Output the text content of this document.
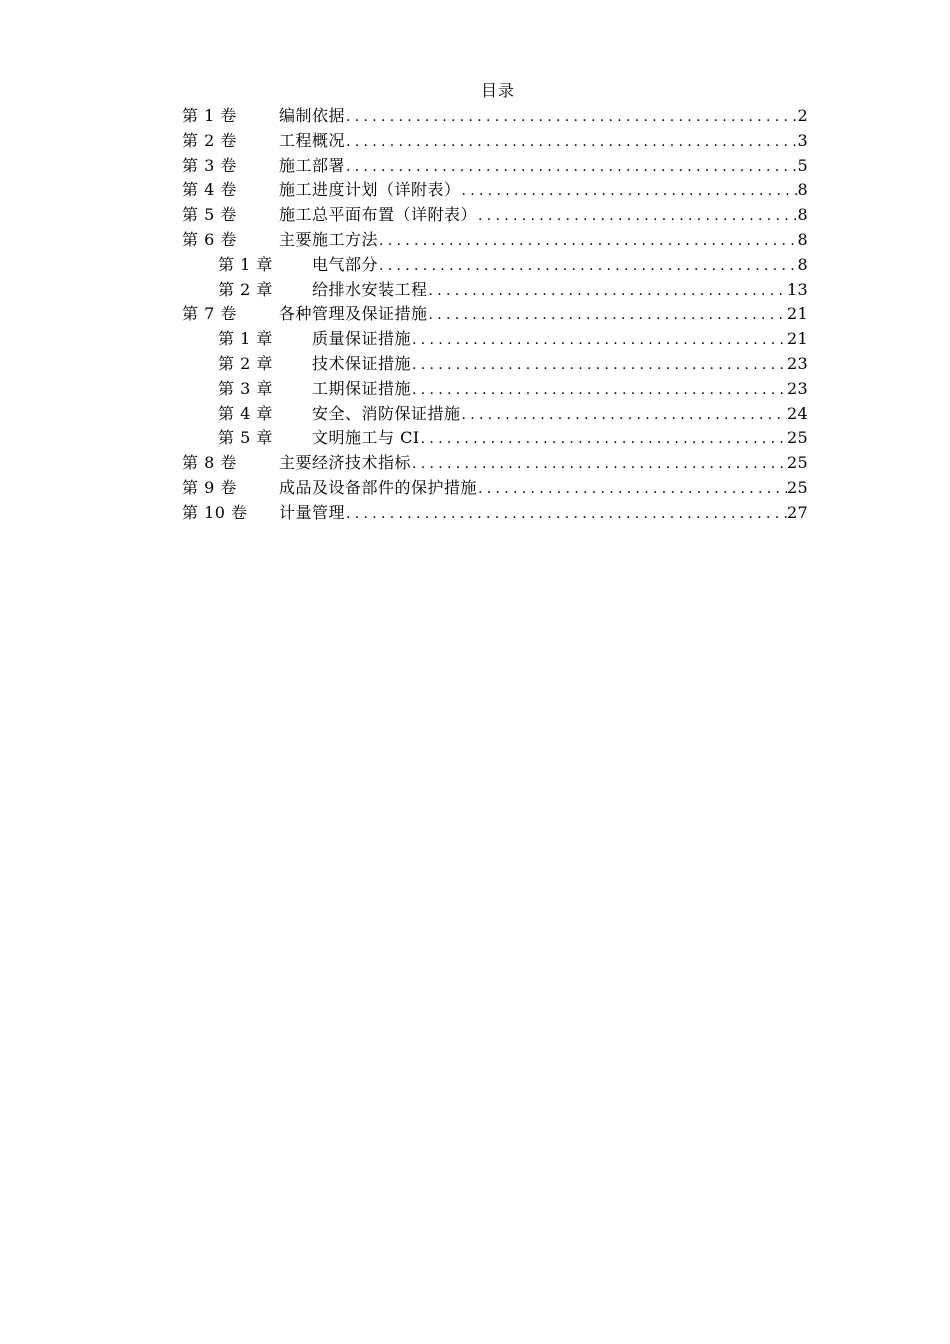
目录
第 1 卷	编制依据 .....	2
第 2 卷	工程概况 .....	3
第 3 卷	施工部署 .....	5
第 4 卷	施工进度计划（详附表） .....	8
第 5 卷	施工总平面布置（详附表） .....	8
第 6 卷	主要施工方法 .....	8
第 1 章	电气部分 .....	8
第 2 章	给排水安装工程 .....	13
第 7 卷	各种管理及保证措施 .....	21
第 1 章	质量保证措施 .....	21
第 2 章	技术保证措施 .....	23
第 3 章	工期保证措施 .....	23
第 4 章	安全、消防保证措施 .....	24
第 5 章	文明施工与 CI .....	25
第 8 卷	主要经济技术指标 .....	25
第 9 卷	成品及设备部件的保护措施 .....	25
第 10 卷	计量管理 .....	27
